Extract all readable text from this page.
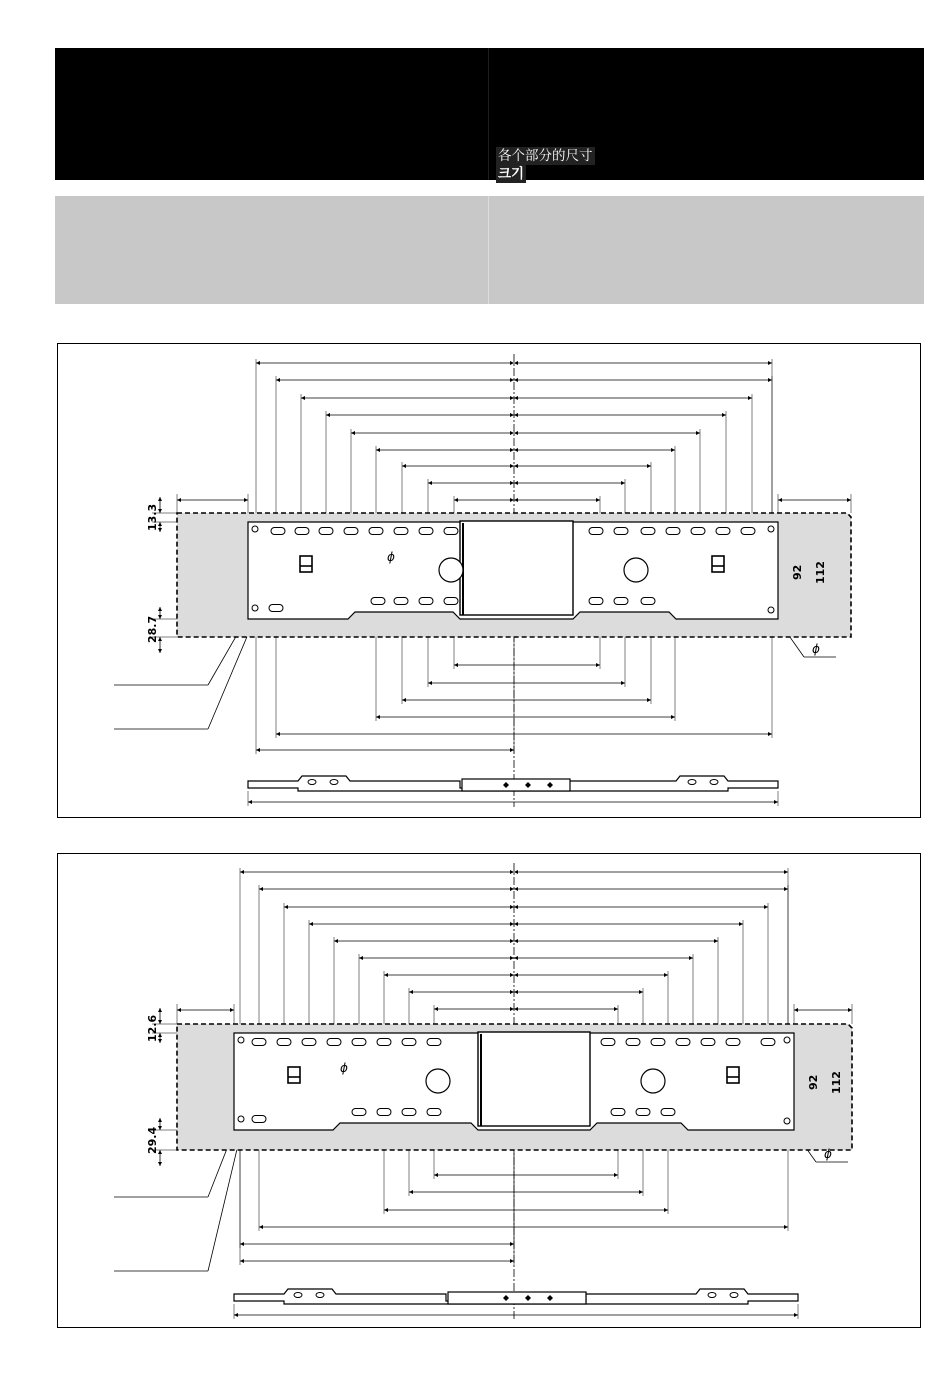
各个部分的尺寸
크기
13.3
28.7
92 112
ϕ
ϕ
12.6
29.4
92 112
ϕ
ϕ
